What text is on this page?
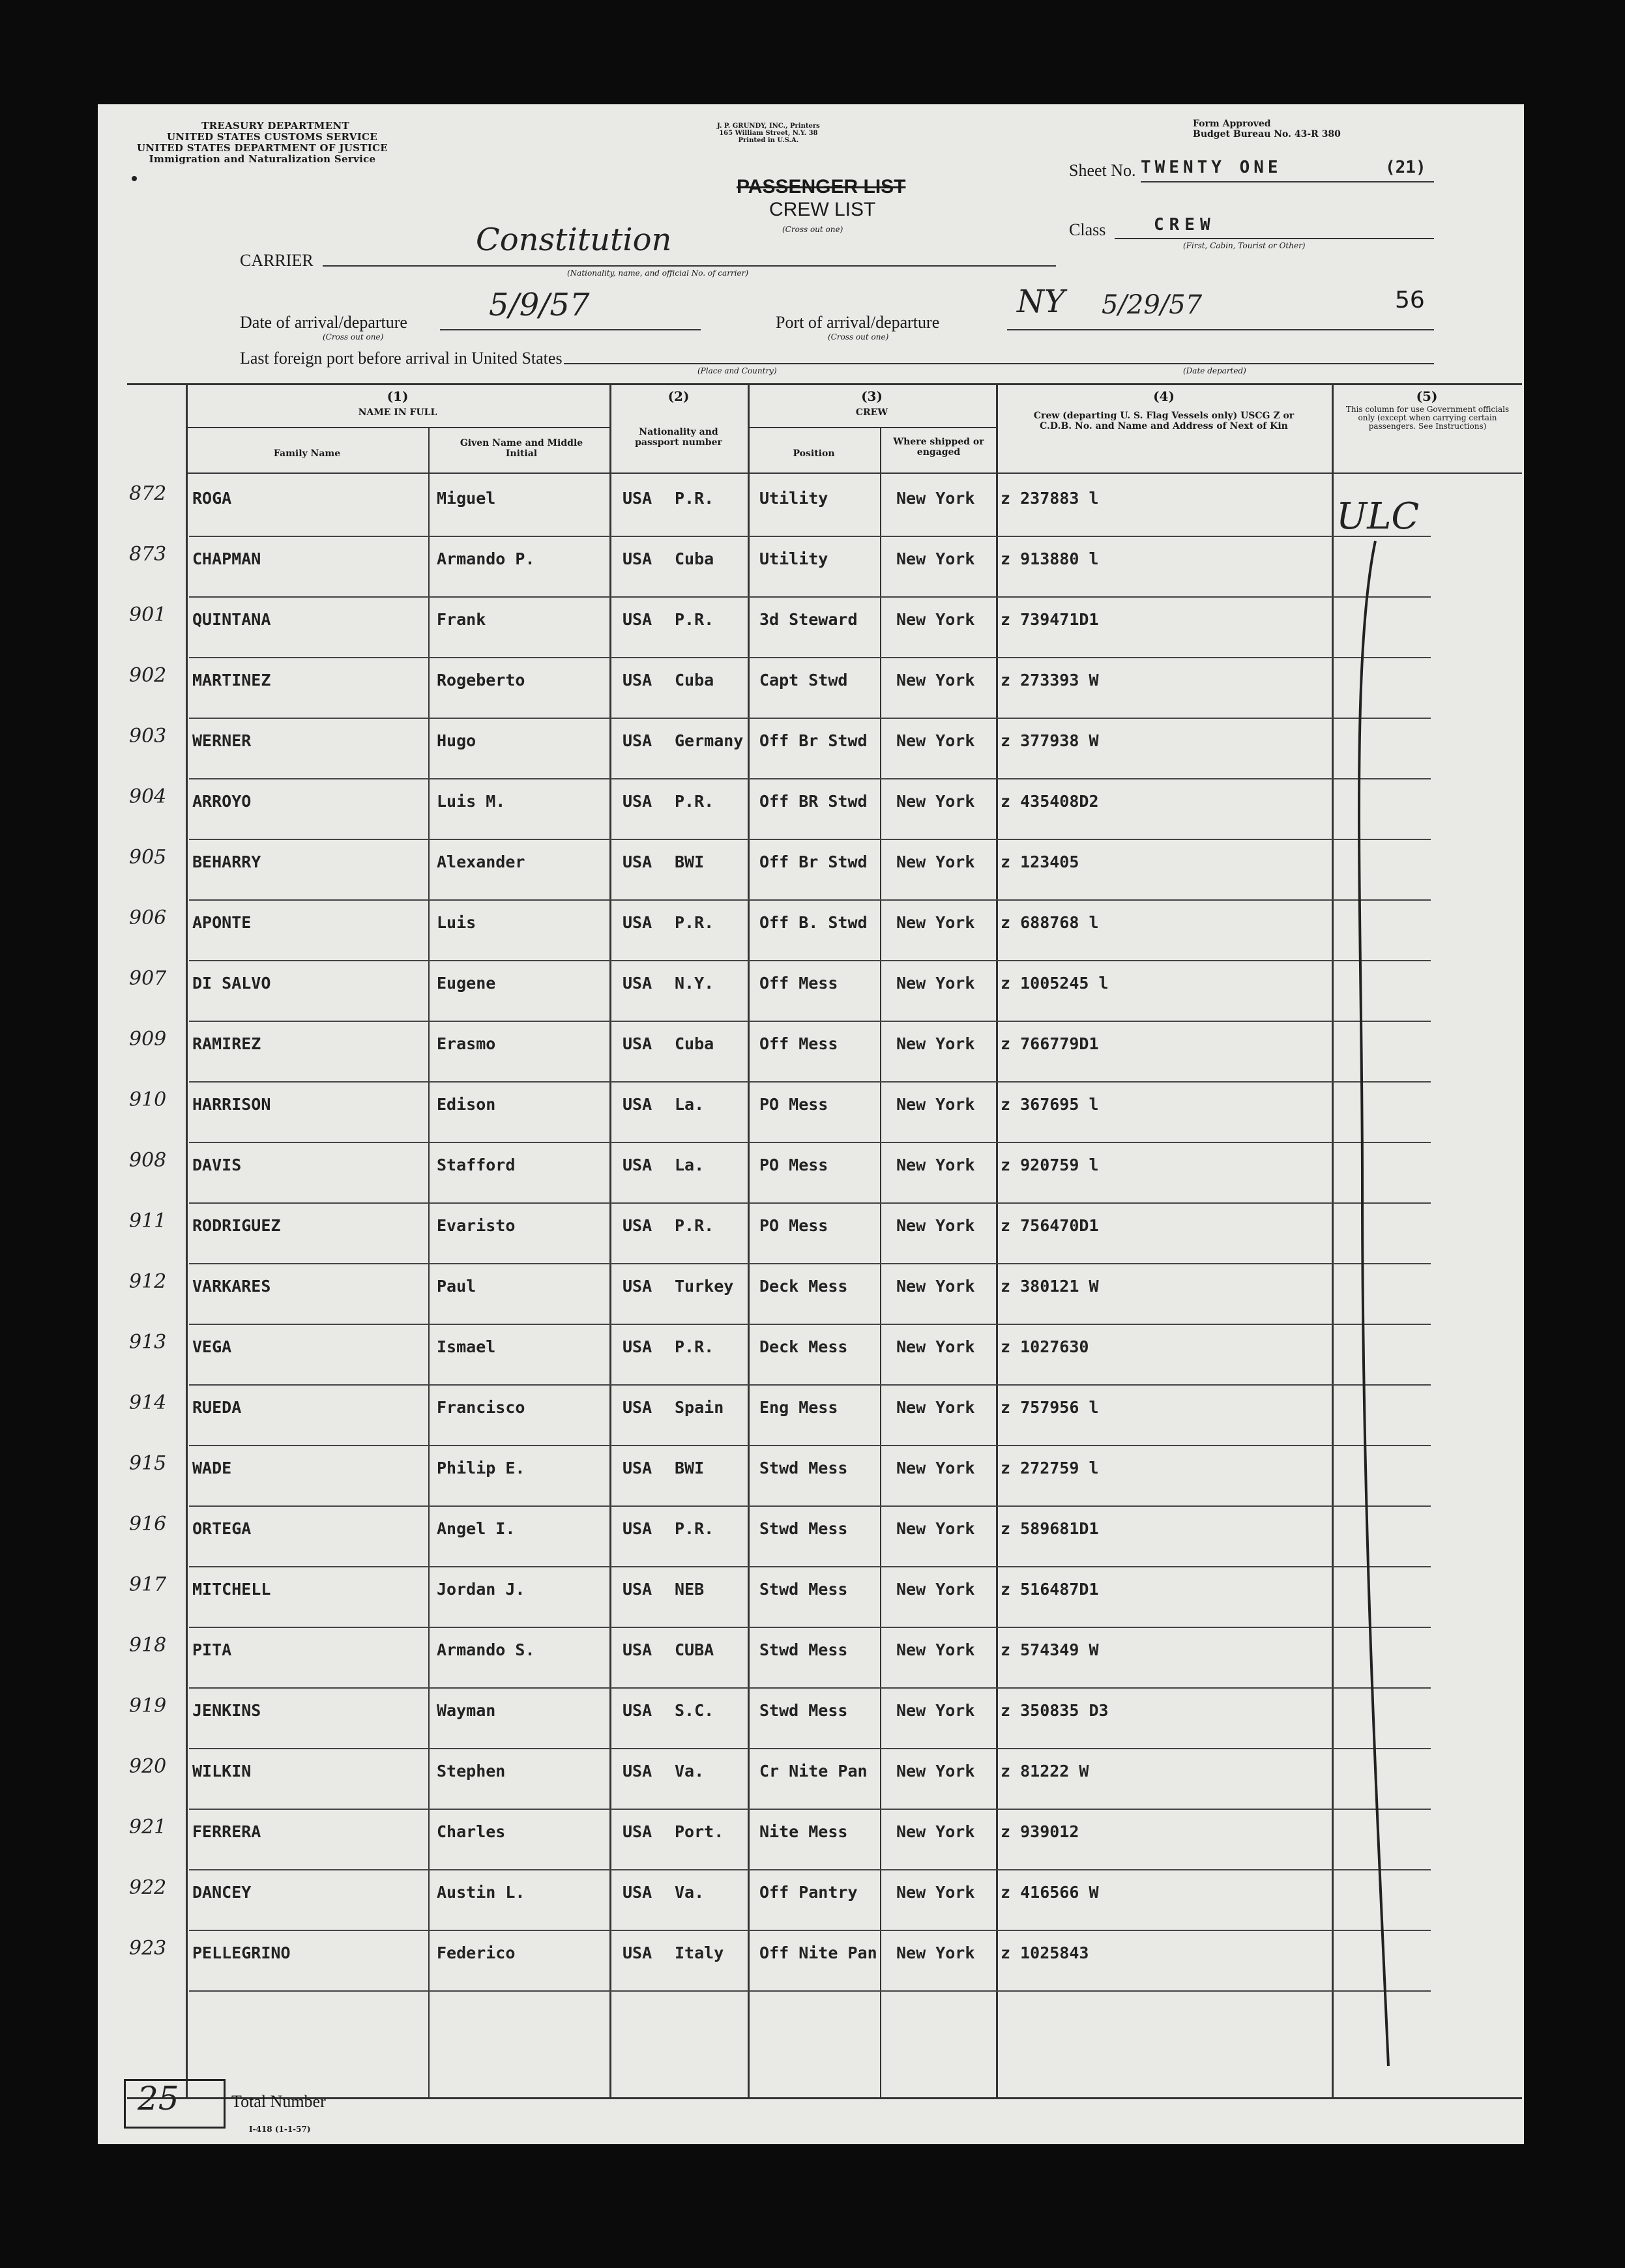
TREASURY DEPARTMENT
UNITED STATES CUSTOMS SERVICE
UNITED STATES DEPARTMENT OF JUSTICE
Immigration and Naturalization Service
J. P. GRUNDY, INC., Printers
165 William Street, N.Y. 38
Printed in U.S.A.
Form Approved
Budget Bureau No. 43-R 380
PASSENGER LIST
CREW LIST
(Cross out one)
Sheet No. TWENTY ONE	(21)
Class	CREW
(First, Cabin, Tourist or Other)
CARRIER
Constitution
(Nationality, name, and official No. of carrier)
Date of arrival/departure	5/9/57
(Cross out one)
Port of arrival/departure
NY 5/29/57
(Cross out one)
56
Last foreign port before arrival in United States
(Place and Country)	(Date departed)
(1)
NAME IN FULL
Family Name
Given Name and Middle Initial
(2)
Nationality and passport number
(3)
CREW
Position
Where shipped or engaged
(4)
Crew (departing U. S. Flag Vessels only) USCG Z or C.D.B. No. and Name and Address of Next of Kin
(5)
This column for use Government officials only (except when carrying certain passengers. See Instructions)
872 ROGA	Miguel	USA P.R.	Utility	New York z 237883 l
873 CHAPMAN	Armando P.	USA Cuba	Utility	New York z 913880 l
901 QUINTANA	Frank	USA P.R.	3d Steward New York z 739471D1
902 MARTINEZ	Rogeberto	USA Cuba	Capt Stwd	New York z 273393 W
903 WERNER	Hugo	USA Germany Off Br Stwd New York z 377938 W
904 ARROYO	Luis M.	USA P.R.	Off BR Stwd New York z 435408D2
905 BEHARRY	Alexander	USA BWI	Off Br Stwd New York z 123405
906 APONTE	Luis	USA P.R.	Off B. Stwd New York z 688768 l
907 DI SALVO	Eugene	USA N.Y.	Off Mess	New York z 1005245 l
909 RAMIREZ	Erasmo	USA Cuba	Off Mess	New York z 766779D1
910 HARRISON	Edison	USA La.	PO Mess	New York z 367695 l
908 DAVIS	Stafford	USA La.	PO Mess	New York z 920759 l
911 RODRIGUEZ	Evaristo	USA P.R.	PO Mess	New York z 756470D1
912 VARKARES	Paul	USA Turkey Deck Mess	New York z 380121 W
913 VEGA	Ismael	USA P.R.	Deck Mess	New York z 1027630
914 RUEDA	Francisco	USA Spain Eng Mess	New York z 757956 l
915 WADE	Philip E.	USA BWI	Stwd Mess	New York z 272759 l
916 ORTEGA	Angel I.	USA P.R.	Stwd Mess	New York z 589681D1
917 MITCHELL	Jordan J.	USA NEB	Stwd Mess	New York z 516487D1
918 PITA	Armando S.	USA CUBA	Stwd Mess	New York z 574349 W
919 JENKINS	Wayman	USA S.C.	Stwd Mess	New York z 350835 D3
920 WILKIN	Stephen	USA Va.	Cr Nite Pan New York z 81222 W
921 FERRERA	Charles	USA Port. Nite Mess	New York z 939012
922 DANCEY	Austin L.	USA Va.	Off Pantry New York z 416566 W
923 PELLEGRINO	Federico	USA Italy Off Nite Pan New York z 1025843
ULC
25	Total Number
I-418 (1-1-57)
